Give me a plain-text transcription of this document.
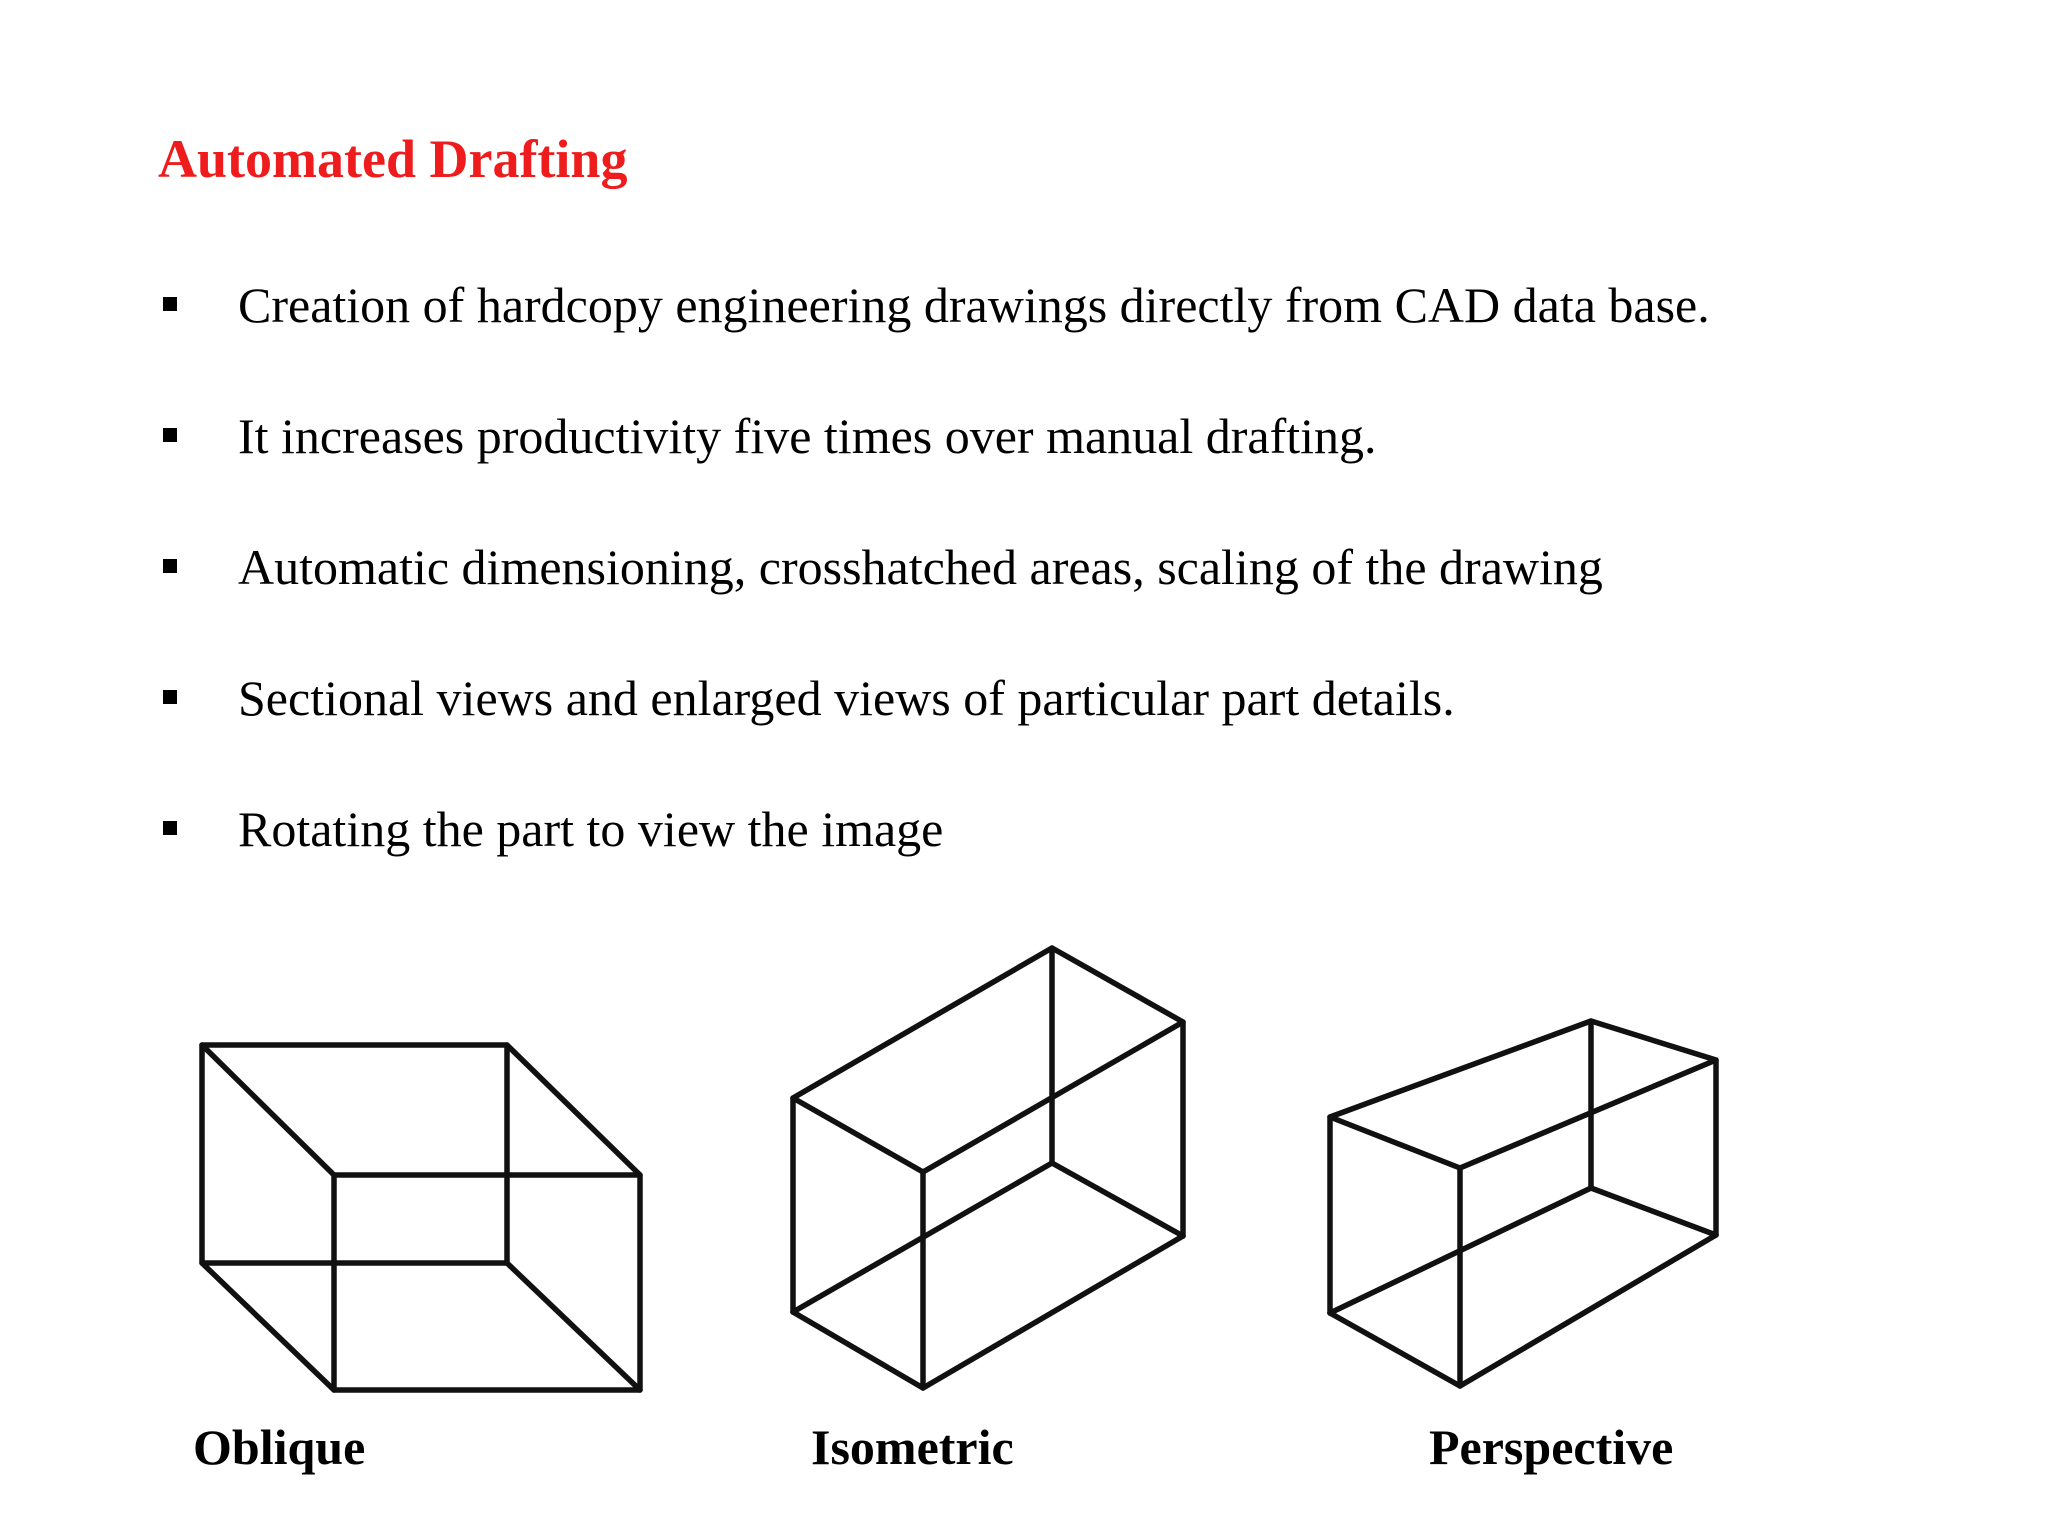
Automated Drafting
Creation of hardcopy engineering drawings directly from CAD data base.
It increases productivity five times over manual drafting.
Automatic dimensioning, crosshatched areas, scaling of the drawing
Sectional views and enlarged views of particular part details.
Rotating the part to view the image
Oblique	Isometric	Perspective
